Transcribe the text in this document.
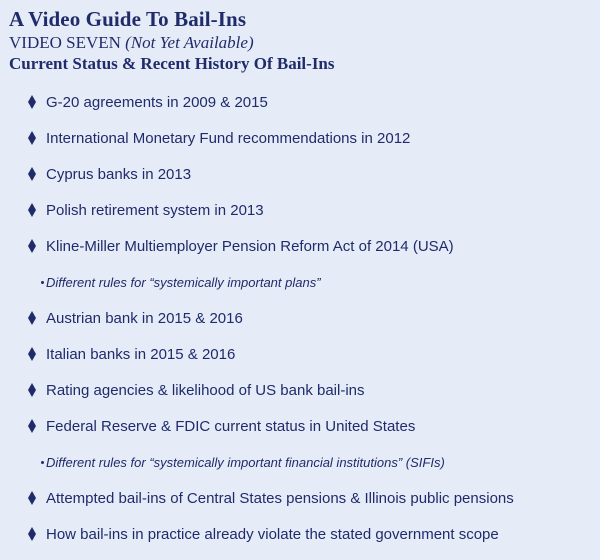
A Video Guide To Bail-Ins
VIDEO SEVEN (Not Yet Available)
Current Status & Recent History Of Bail-Ins
G-20 agreements in 2009 & 2015
International Monetary Fund recommendations in 2012
Cyprus banks in 2013
Polish retirement system in 2013
Kline-Miller Multiemployer Pension Reform Act of 2014 (USA)
Different rules for “systemically important plans”
Austrian bank in 2015 & 2016
Italian banks in 2015 & 2016
Rating agencies & likelihood of US bank bail-ins
Federal Reserve & FDIC current status in United States
Different rules for “systemically important financial institutions” (SIFIs)
Attempted bail-ins of Central States pensions & Illinois public pensions
How bail-ins in practice already violate the stated government scope
